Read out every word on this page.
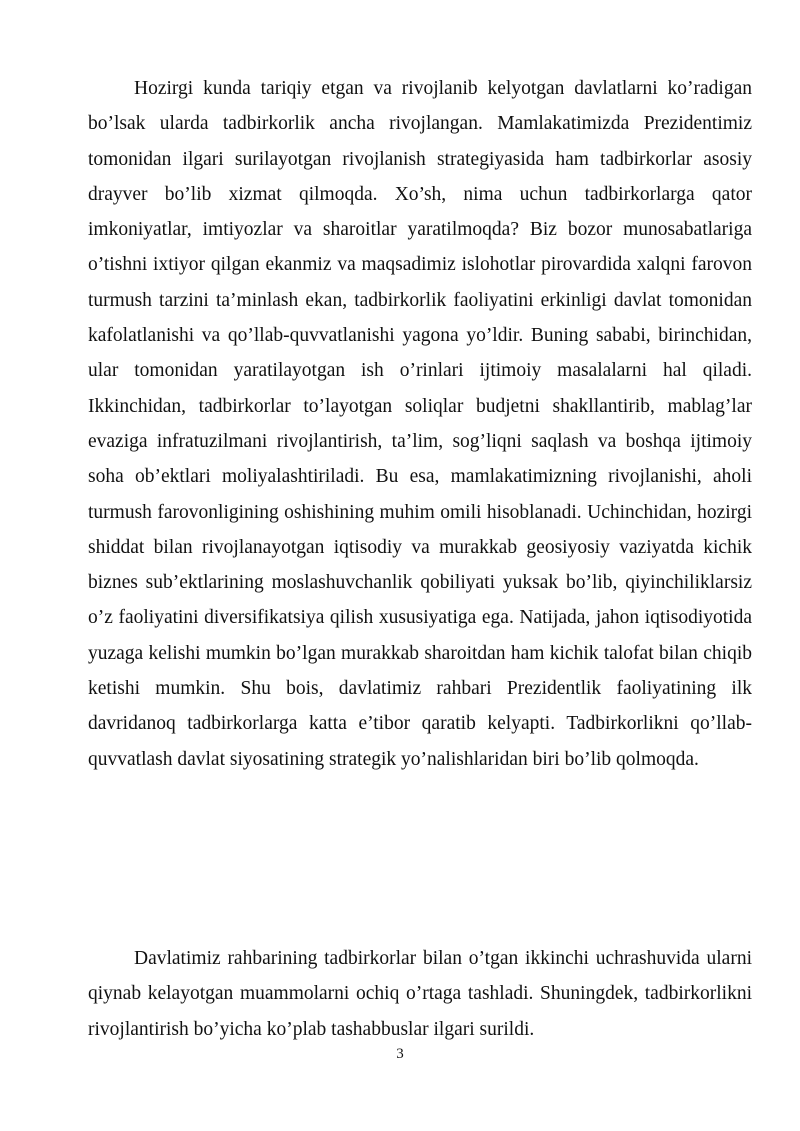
Hozirgi kunda tariqiy etgan va rivojlanib kelyotgan davlatlarni ko’radigan bo’lsak ularda tadbirkorlik ancha rivojlangan. Mamlakatimizda Prezidentimiz tomonidan ilgari surilayotgan rivojlanish strategiyasida ham tadbirkorlar asosiy drayver bo’lib xizmat qilmoqda. Xo’sh, nima uchun tadbirkorlarga qator imkoniyatlar, imtiyozlar va sharoitlar yaratilmoqda? Biz bozor munosabatlariga o’tishni ixtiyor qilgan ekanmiz va maqsadimiz islohotlar pirovardida xalqni farovon turmush tarzini ta’minlash ekan, tadbirkorlik faoliyatini erkinligi davlat tomonidan kafolatlanishi va qo’llab-quvvatlanishi yagona yo’ldir. Buning sababi, birinchidan, ular tomonidan yaratilayotgan ish o’rinlari ijtimoiy masalalarni hal qiladi. Ikkinchidan, tadbirkorlar to’layotgan soliqlar budjetni shakllantirib, mablag’lar evaziga infratuzilmani rivojlantirish, ta’lim, sog’liqni saqlash va boshqa ijtimoiy soha ob’ektlari moliyalashtiriladi. Bu esa, mamlakatimizning rivojlanishi, aholi turmush farovonligining oshishining muhim omili hisoblanadi. Uchinchidan, hozirgi shiddat bilan rivojlanayotgan iqtisodiy va murakkab geosiyosiy vaziyatda kichik biznes sub’ektlarining moslashuvchanlik qobiliyati yuksak bo’lib, qiyinchiliklarsiz o’z faoliyatini diversifikatsiya qilish xususiyatiga ega. Natijada, jahon iqtisodiyotida yuzaga kelishi mumkin bo’lgan murakkab sharoitdan ham kichik talofat bilan chiqib ketishi mumkin. Shu bois, davlatimiz rahbari Prezidentlik faoliyatining ilk davridanoq tadbirkorlarga katta e’tibor qaratib kelyapti. Tadbirkorlikni qo’llab-quvvatlash davlat siyosatining strategik yo’nalishlaridan biri bo’lib qolmoqda.

Davlatimiz rahbarining tadbirkorlar bilan o’tgan ikkinchi uchrashuvida ularni qiynab kelayotgan muammolarni ochiq o’rtaga tashladi. Shuningdek, tadbirkorlikni rivojlantirish bo’yicha ko’plab tashabbuslar ilgari surildi.

3
